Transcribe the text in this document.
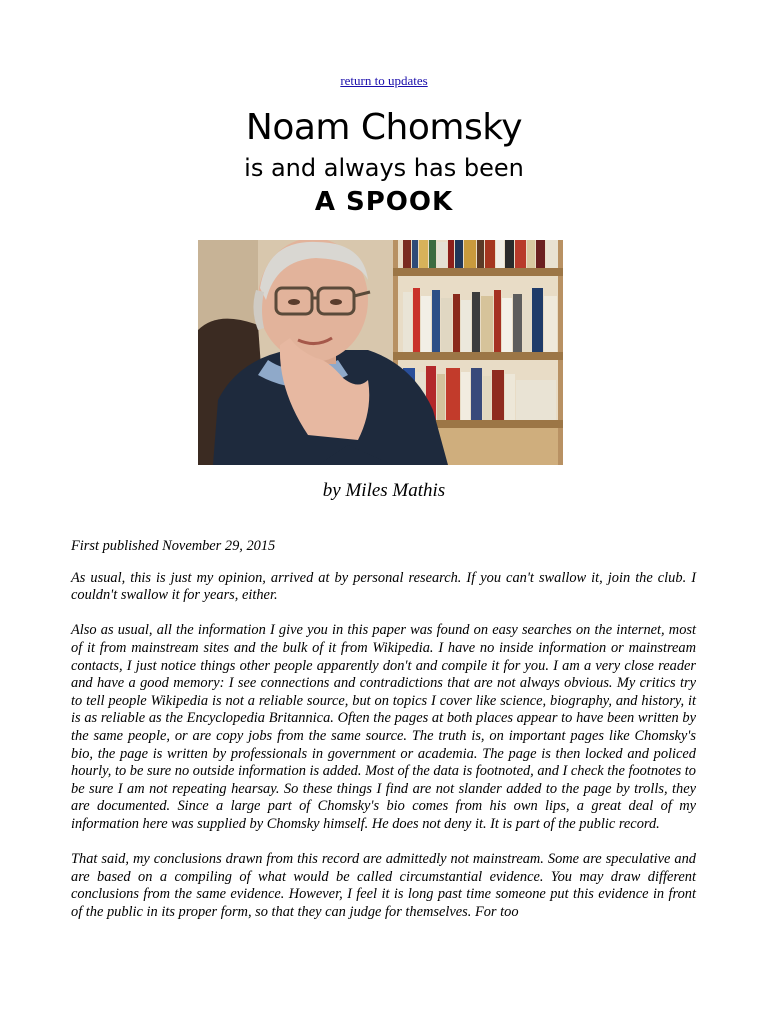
return to updates
Noam Chomsky
is and always has been
A SPOOK
by Miles Mathis

First published November 29, 2015

As usual, this is just my opinion, arrived at by personal research. If you can't swallow it, join the club. I couldn't swallow it for years, either.

Also as usual, all the information I give you in this paper was found on easy searches on the internet, most of it from mainstream sites and the bulk of it from Wikipedia. I have no inside information or mainstream contacts, I just notice things other people apparently don't and compile it for you. I am a very close reader and have a good memory: I see connections and contradictions that are not always obvious. My critics try to tell people Wikipedia is not a reliable source, but on topics I cover like science, biography, and history, it is as reliable as the Encyclopedia Britannica. Often the pages at both places appear to have been written by the same people, or are copy jobs from the same source. The truth is, on important pages like Chomsky's bio, the page is written by professionals in government or academia. The page is then locked and policed hourly, to be sure no outside information is added. Most of the data is footnoted, and I check the footnotes to be sure I am not repeating hearsay. So these things I find are not slander added to the page by trolls, they are documented. Since a large part of Chomsky's bio comes from his own lips, a great deal of my information here was supplied by Chomsky himself. He does not deny it. It is part of the public record.

That said, my conclusions drawn from this record are admittedly not mainstream. Some are speculative and are based on a compiling of what would be called circumstantial evidence. You may draw different conclusions from the same evidence. However, I feel it is long past time someone put this evidence in front of the public in its proper form, so that they can judge for themselves. For too
